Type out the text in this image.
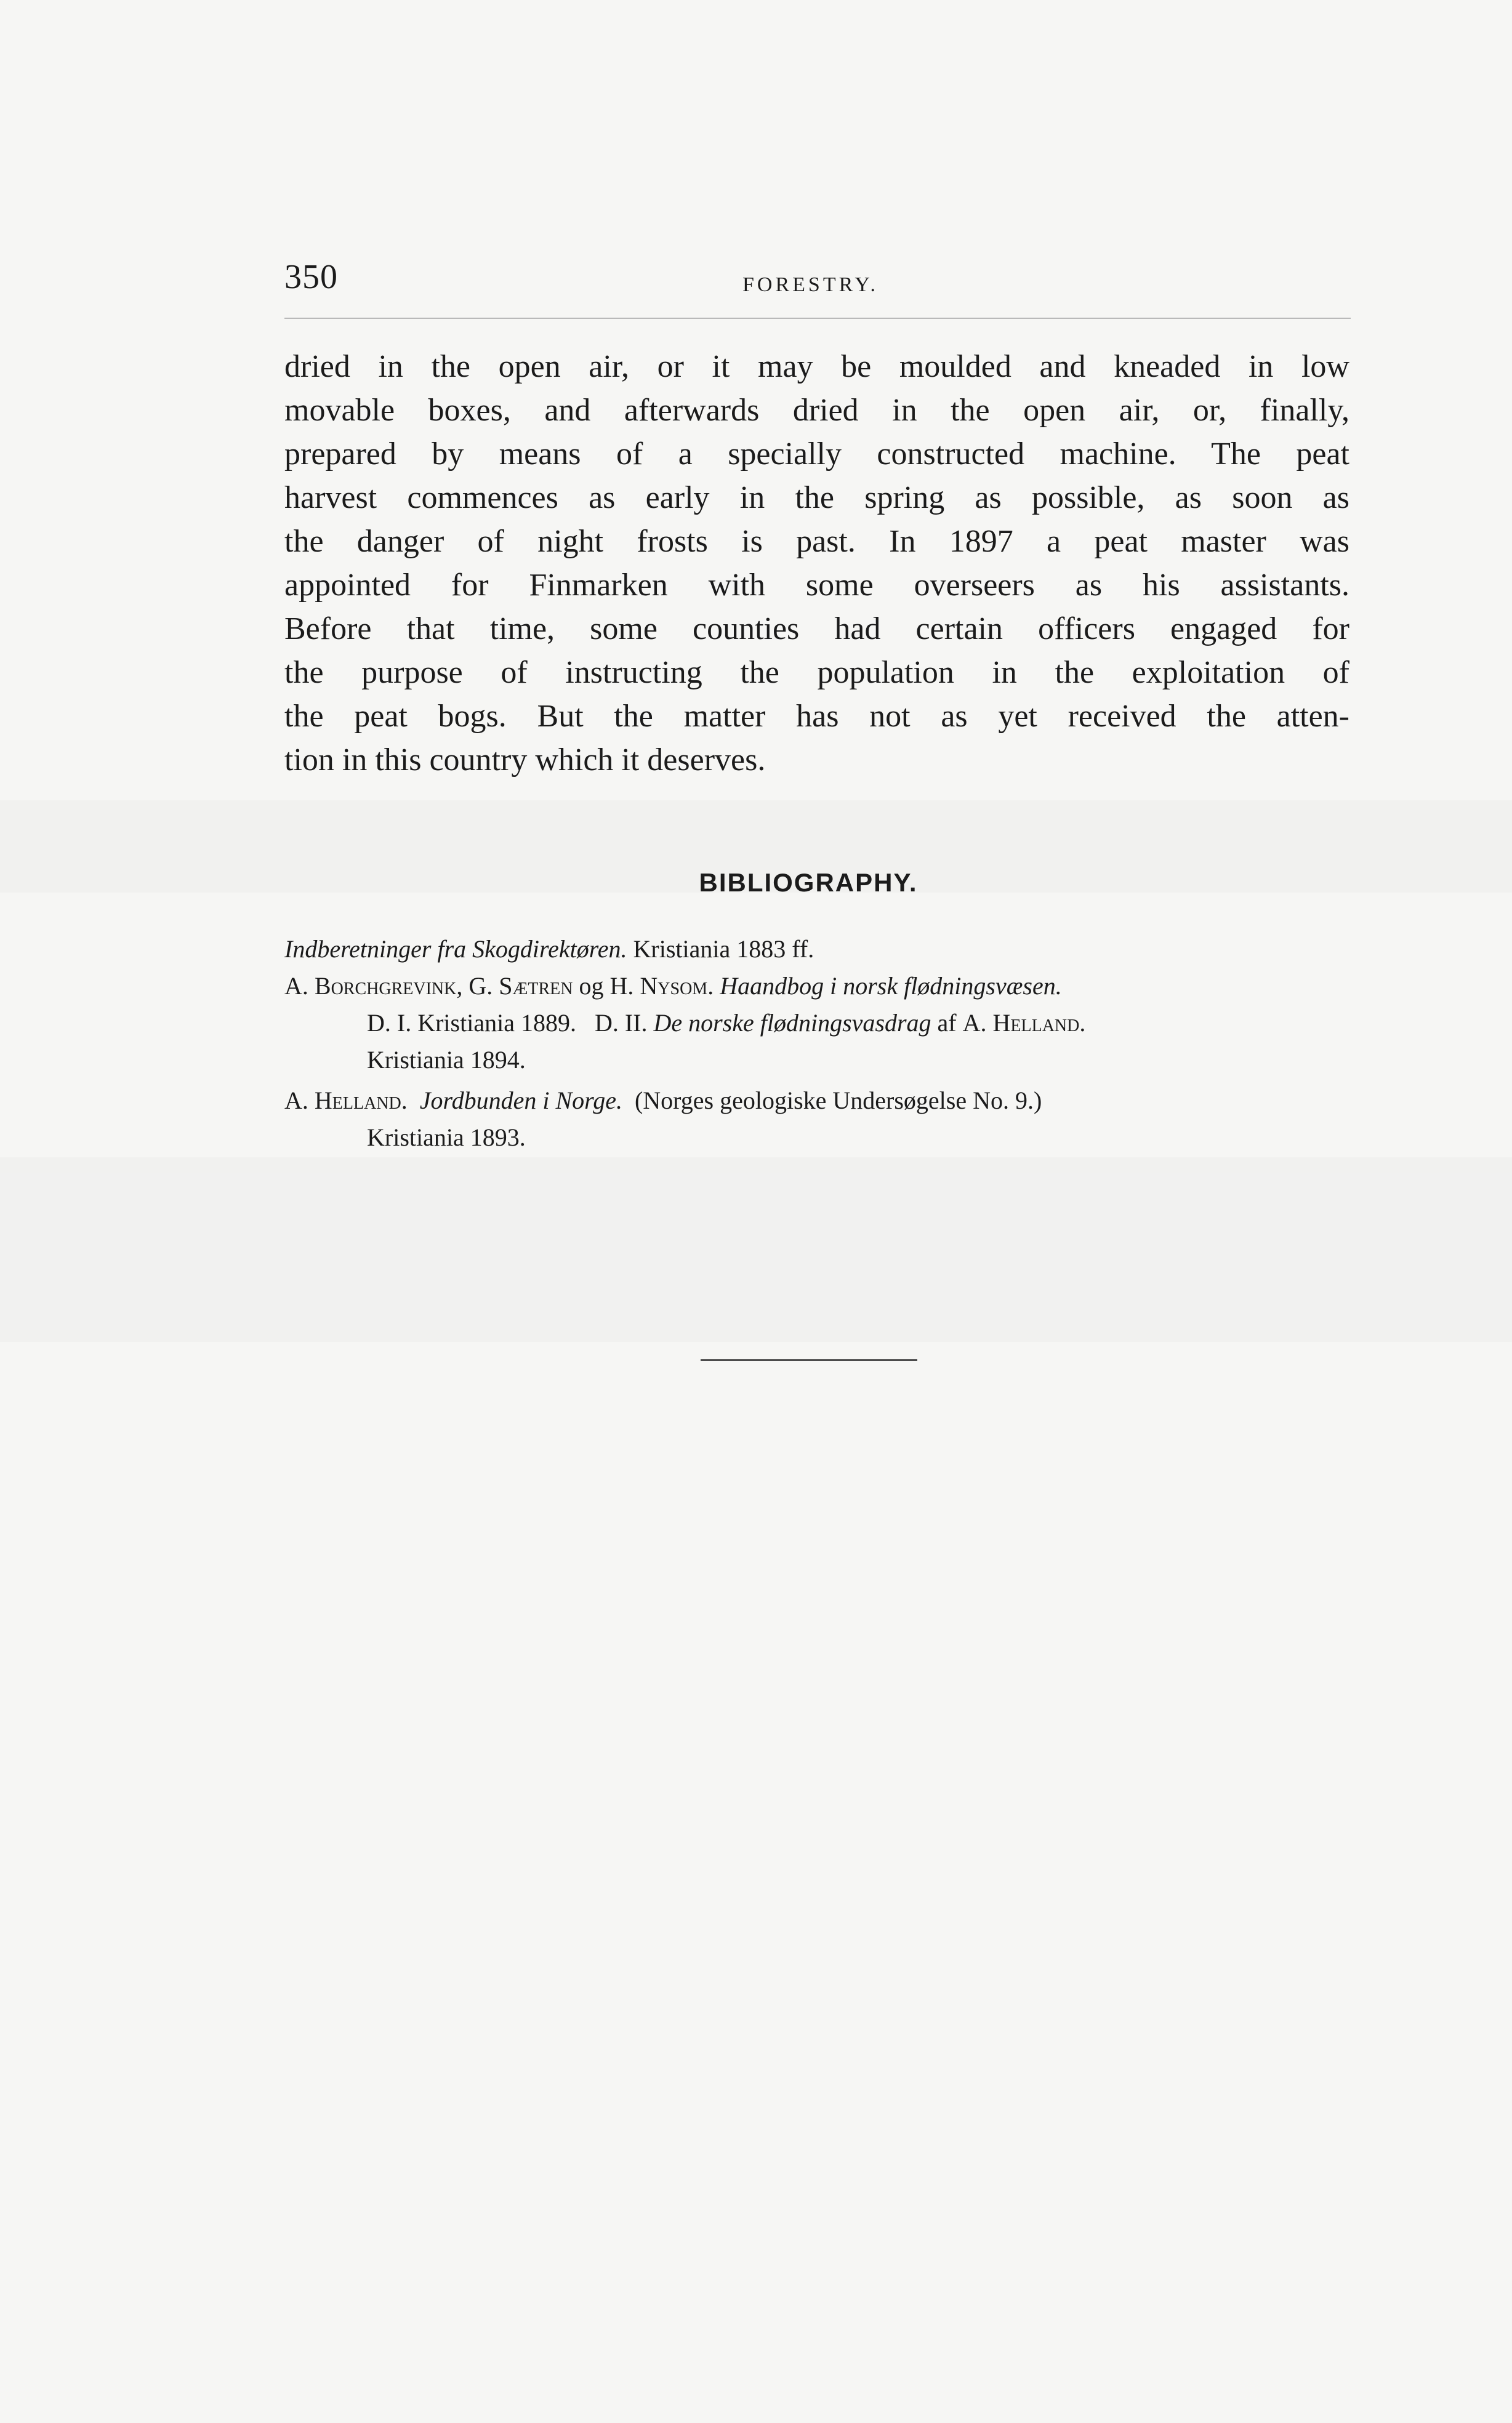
350	FORESTRY.
dried in the open air, or it may be moulded and kneaded in low
movable boxes, and afterwards dried in the open air, or, finally,
prepared by means of a specially constructed machine. The peat
harvest commences as early in the spring as possible, as soon as
the danger of night frosts is past. In 1897 a peat master was
appointed for Finmarken with some overseers as his assistants.
Before that time, some counties had certain officers engaged for
the purpose of instructing the population in the exploitation of
the peat bogs. But the matter has not as yet received the atten-
tion in this country which it deserves.
BIBLIOGRAPHY.
Indberetninger fra Skogdirektøren. Kristiania 1883 ff.
A. Borchgrevink, G. Sætren og H. Nysom. Haandbog i norsk flødningsvæsen.
D. I. Kristiania 1889.   D. II. De norske flødningsvasdrag af A. Helland.
Kristiania 1894.
A. Helland.  Jordbunden i Norge.  (Norges geologiske Undersøgelse No. 9.)
Kristiania 1893.
